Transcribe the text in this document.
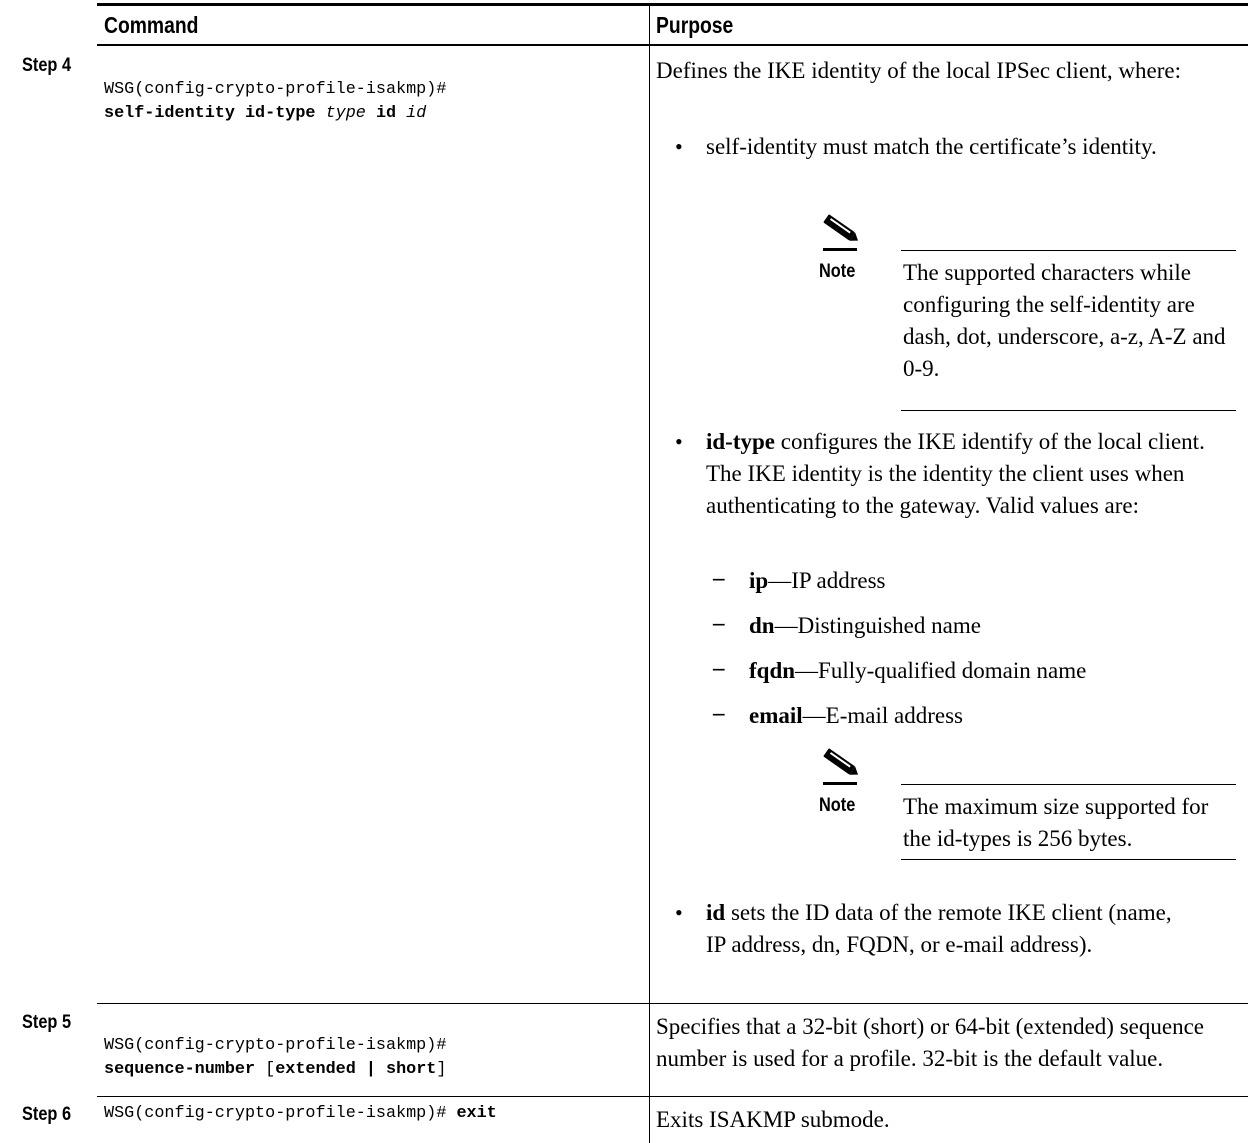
Command	Purpose
Step 4

WSG(config-crypto-profile-isakmp)#
self-identity id-type type id id
Defines the IKE identity of the local IPSec client, where:
• self-identity must match the certificate’s identity.
Note The supported characters while configuring the self-identity are dash, dot, underscore, a-z, A-Z and 0-9.
• id-type configures the IKE identify of the local client. The IKE identity is the identity the client uses when authenticating to the gateway. Valid values are:
– ip—IP address
– dn—Distinguished name
– fqdn—Fully-qualified domain name
– email—E-mail address
Note The maximum size supported for the id-types is 256 bytes.
• id sets the ID data of the remote IKE client (name, IP address, dn, FQDN, or e-mail address).
Step 5

WSG(config-crypto-profile-isakmp)#
sequence-number [extended | short]
Specifies that a 32-bit (short) or 64-bit (extended) sequence number is used for a profile. 32-bit is the default value.
Step 6 WSG(config-crypto-profile-isakmp)# exit	Exits ISAKMP submode.
